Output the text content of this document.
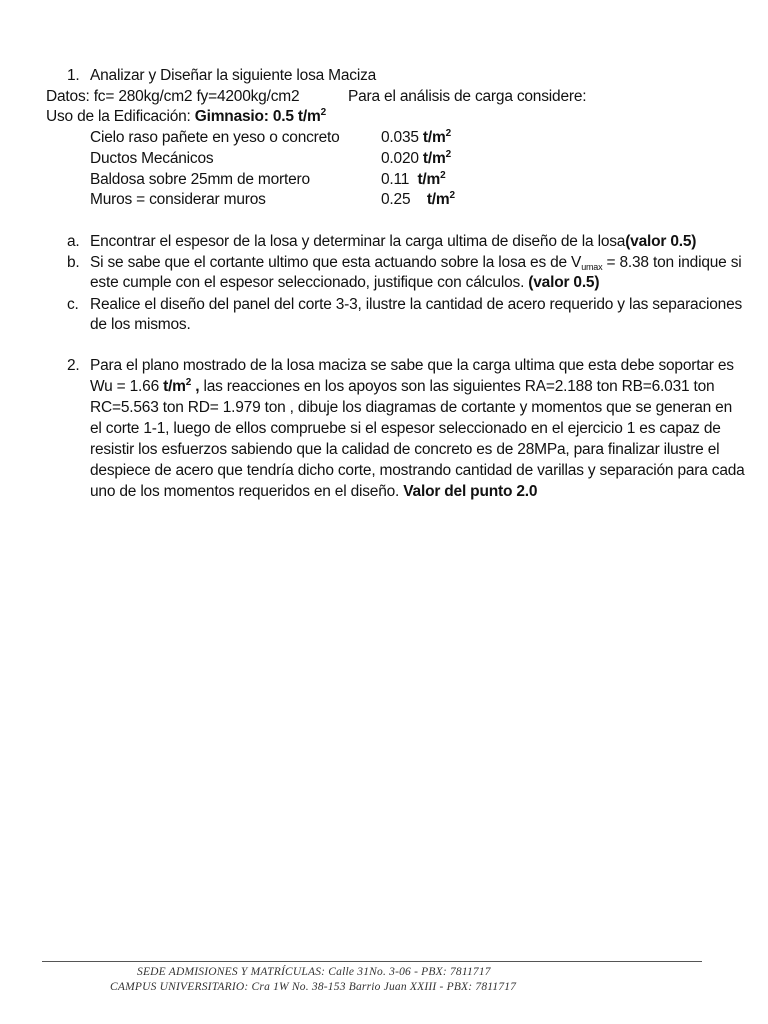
1. Analizar y Diseñar la siguiente losa Maciza
Datos: fc= 280kg/cm2 fy=4200kg/cm2	Para el análisis de carga considere:
Uso de la Edificación: Gimnasio: 0.5 $t/m^2$
Cielo raso pañete en yeso o concreto	0.035 $t/m^2$
Ductos Mecánicos	0.020 $t/m^2$
Baldosa sobre 25mm de mortero	0.11 $t/m^2$
Muros = considerar muros	0.25 $t/m^2$
a. Encontrar el espesor de la losa y determinar la carga ultima de diseño de la losa(valor 0.5)
b. Si se sabe que el cortante ultimo que esta actuando sobre la losa es de Vumax = 8.38 ton indique si
este cumple con el espesor seleccionado, justifique con cálculos. (valor 0.5)
c. Realice el diseño del panel del corte 3-3, ilustre la cantidad de acero requerido y las separaciones
de los mismos.
2. Para el plano mostrado de la losa maciza se sabe que la carga ultima que esta debe soportar es
Wu = 1.66 $t/m^2$ , las reacciones en los apoyos son las siguientes RA=2.188 ton RB=6.031 ton
RC=5.563 ton RD= 1.979 ton , dibuje los diagramas de cortante y momentos que se generan en
el corte 1-1, luego de ellos compruebe si el espesor seleccionado en el ejercicio 1 es capaz de
resistir los esfuerzos sabiendo que la calidad de concreto es de 28MPa, para finalizar ilustre el
despiece de acero que tendría dicho corte, mostrando cantidad de varillas y separación para cada
uno de los momentos requeridos en el diseño. Valor del punto 2.0
SEDE ADMISIONES Y MATRÍCULAS: Calle 31No. 3-06 - PBX: 7811717
CAMPUS UNIVERSITARIO: Cra 1W No. 38-153 Barrio Juan XXIII - PBX: 7811717
